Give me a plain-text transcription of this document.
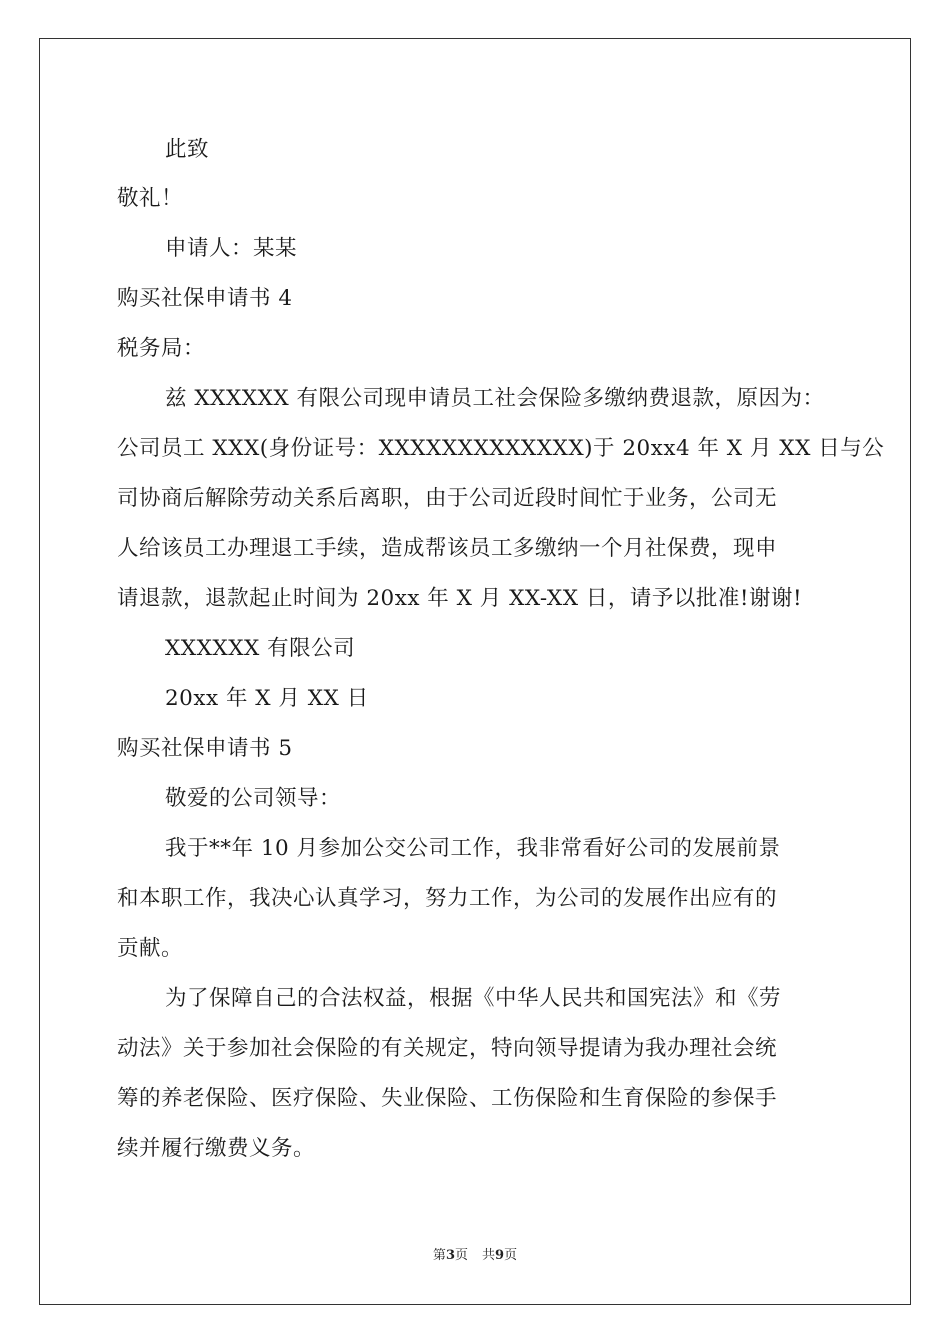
此致
敬礼！
申请人：某某
购买社保申请书 4
税务局：
兹 XXXXXX 有限公司现申请员工社会保险多缴纳费退款，原因为：
公司员工 XXX(身份证号：XXXXXXXXXXXXX)于 20xx4 年 X 月 XX 日与公
司协商后解除劳动关系后离职，由于公司近段时间忙于业务，公司无
人给该员工办理退工手续，造成帮该员工多缴纳一个月社保费，现申
请退款，退款起止时间为 20xx 年 X 月 XX-XX 日，请予以批准!谢谢!
XXXXXX 有限公司
20xx 年 X 月 XX 日
购买社保申请书 5
敬爱的公司领导：
我于**年 10 月参加公交公司工作，我非常看好公司的发展前景
和本职工作，我决心认真学习，努力工作，为公司的发展作出应有的
贡献。
为了保障自己的合法权益，根据《中华人民共和国宪法》和《劳
动法》关于参加社会保险的有关规定，特向领导提请为我办理社会统
筹的养老保险、医疗保险、失业保险、工伤保险和生育保险的参保手
续并履行缴费义务。
第3页 共9页
